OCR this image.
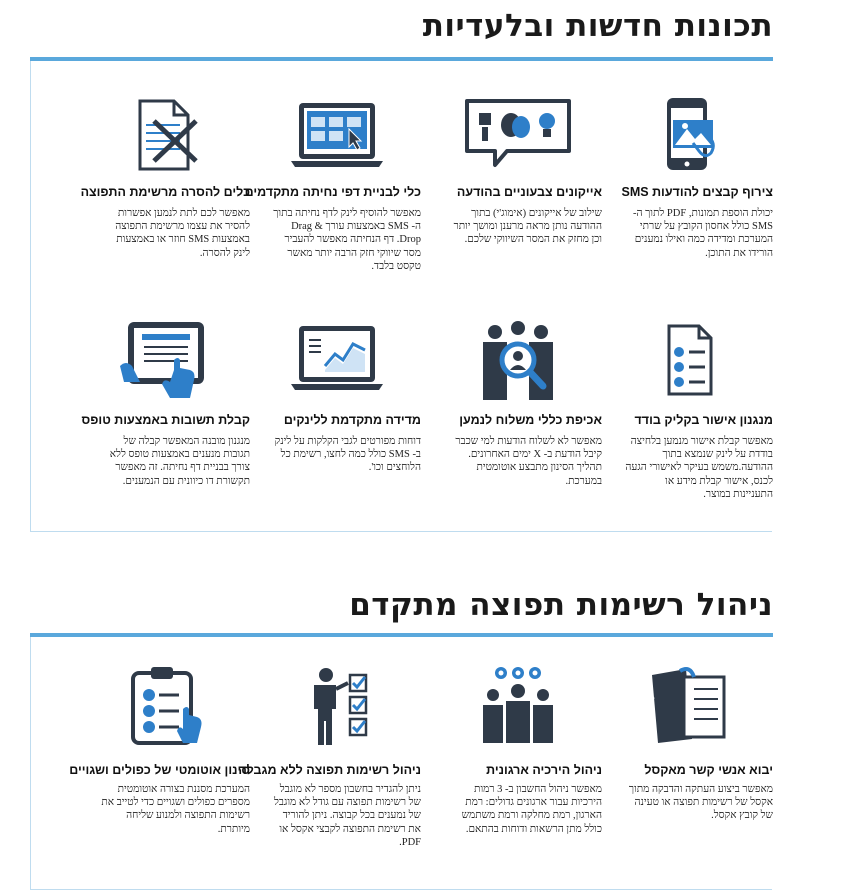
תכונות חדשות ובלעדיות
צירוף קבצים להודעות SMS
יכולת הוספת תמונות, PDF לתוך ה- SMS כולל אחסון הקובץ על שרתי המערכת ומדידה כמה ואילו נמענים הורידו את התוכן.
אייקונים צבעוניים בהודעה
שילוב של אייקונים (אימוג'י) בתוך ההודעה נותן מראה מרענן ומושך יותר וכן מחזק את המסר השיווקי שלכם.
כלי לבניית דפי נחיתה מתקדמים
מאפשר להוסיף לינק לדף נחיתה בתוך ה- SMS באמצעות עורך Drag & Drop. דף הנחיתה מאפשר להעביר מסר שיווקי חזק הרבה יותר מאשר טקסט בלבד.
כלים להסרה מרשימת התפוצה
מאפשר לכם לתת לנמען אפשרות להסיר את עצמו מרשימת התפוצה באמצעות SMS חוזר או באמצעות לינק להסרה.
מנגנון אישור בקליק בודד
מאפשר קבלת אישור מנמען בלחיצה בודדת על לינק שנמצא בתוך ההודעה.משמש בעיקר לאישורי הגעה לכנס, אישור קבלת מידע או התעניינות במוצר.
אכיפת כללי משלוח לנמען
מאפשר לא לשלוח הודעות למי שכבר קיבל הודעת ב- X ימים האחרונים. תהליך הסינון מתבצע אוטומטית במערכת.
מדידה מתקדמת ללינקים
דוחות מפורטים לגבי הקלקות על לינק ב- SMS כולל כמה לחצו, רשימת כל הלוחצים וכו'.
קבלת תשובות באמצעות טופס
מנגנון מובנה המאפשר קבלה של תגובות מנענים באמצעות טופס ללא צורך בבניית דף נחיתה. זה מאפשר תקשורת דו כיוונית עם הנמענים.
ניהול רשימות תפוצה מתקדם
X
יבוא אנשי קשר מאקסל
מאפשר ביצוע העתקה והדבקה מתוך אקסל של רשימות תפוצה או טעינה של קובץ אקסל.
ניהול הירכיה ארגונית
מאפשר ניהול החשבון ב- 3 רמות הירכיות עבור ארגונים גדולים: רמת הארגון, רמת מחלקה ורמת משתמש כולל מתן הרשאות ודוחות בהתאם.
ניהול רשימות תפוצה ללא מגבלה
ניתן להגדיר בחשבון מספר לא מוגבל של רשימות תפוצה עם גודל לא מוגבל של נמענים בכל קבוצה. ניתן להוריד את רשימת התפוצה לקבצי אקסל או PDF.
סינון אוטומטי של כפולים ושגויים
המערכת מסננת בצורה אוטומטית מספרים כפולים ושגויים כדי לטייב את רשימות התפוצה ולמנוע שליחה מיותרת.
